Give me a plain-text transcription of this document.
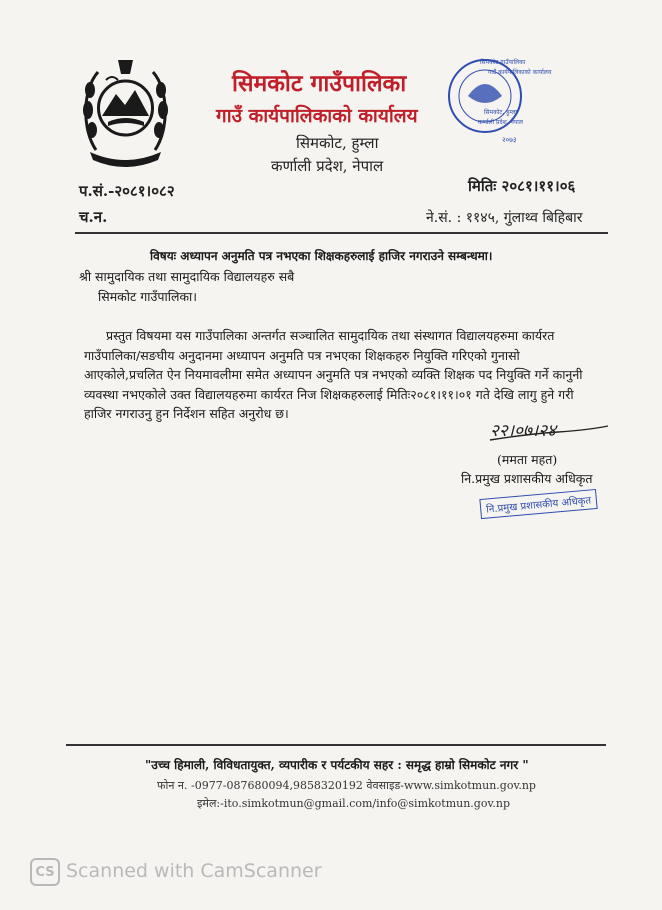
सिमकोट गाउँपालिका
गाउँ कार्यपालिकाको कार्यालय
सिमकोट, हुम्ला
कर्णाली प्रदेश, नेपाल
२०७३
सिमकोट गाउँपालिका
गाउँ कार्यपालिकाको कार्यालय
सिमकोट, हुम्ला
कर्णाली प्रदेश, नेपाल
प.सं.-२०८१।०८२	मितिः २०८१।११।०६
च.न.	ने.सं. : ११४५, गुंलाथ्व बिहिबार
विषयः अध्यापन अनुमति पत्र नभएका शिक्षकहरुलाई हाजिर नगराउने सम्बन्धमा।
श्री सामुदायिक तथा सामुदायिक विद्यालयहरु सबै
सिमकोट गाउँपालिका।
प्रस्तुत विषयमा यस गाउँपालिका अन्तर्गत सञ्चालित सामुदायिक तथा संस्थागत विद्यालयहरुमा कार्यरत
गाउँपालिका/सङघीय अनुदानमा अध्यापन अनुमति पत्र नभएका शिक्षकहरु नियुक्ति गरिएको गुनासो
आएकोले,प्रचलित ऐन नियमावलीमा समेत अध्यापन अनुमति पत्र नभएको व्यक्ति शिक्षक पद नियुक्ति गर्ने कानुनी
व्यवस्था नभएकोले उक्त विद्यालयहरुमा कार्यरत निज शिक्षकहरुलाई मितिः२०८१।११।०१ गते देखि लागु हुने गरी
हाजिर नगराउनु हुन निर्देशन सहित अनुरोध छ।
२२।०७।२४
(ममता महत)
नि.प्रमुख प्रशासकीय अधिकृत
नि.प्रमुख प्रशासकीय अधिकृत
"उच्च हिमाली, विविधतायुक्त, व्यपारीक र पर्यटकीय सहर : समृद्ध हाम्रो सिमकोट नगर "
फोन न. -0977-087680094,9858320192 वेवसाइड-www.simkotmun.gov.np
इमेल:-ito.simkotmun@gmail.com/info@simkotmun.gov.np
CS Scanned with CamScanner
